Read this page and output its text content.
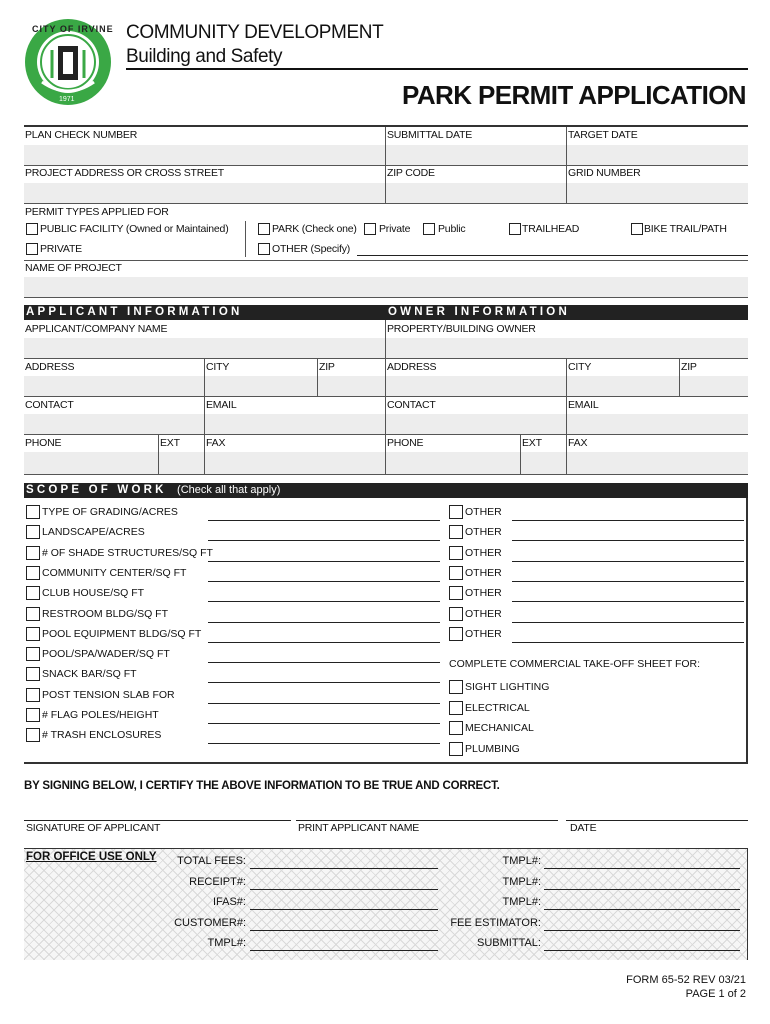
CITY OF IRVINE
1971
COMMUNITY DEVELOPMENT
Building and Safety
PARK PERMIT APPLICATION
PLAN CHECK NUMBER	SUBMITTAL DATE	TARGET DATE
PROJECT ADDRESS OR CROSS STREET	ZIP CODE	GRID NUMBER
PERMIT TYPES APPLIED FOR
PUBLIC FACILITY (Owned or Maintained)	PARK (Check one) Private	Public	TRAILHEAD	BIKE TRAIL/PATH
PRIVATE	OTHER (Specify)
NAME OF PROJECT
APPLICANT INFORMATION	OWNER INFORMATION
APPLICANT/COMPANY NAME
ADDRESS	CITY	ZIP
CONTACT	EMAIL
PHONE	EXT FAX
PROPERTY/BUILDING OWNER
ADDRESS	CITY	ZIP
CONTACT	EMAIL
PHONE	EXT FAX
SCOPE OF WORK (Check all that apply)
TYPE OF GRADING/ACRES
LANDSCAPE/ACRES
# OF SHADE STRUCTURES/SQ FT
COMMUNITY CENTER/SQ FT
CLUB HOUSE/SQ FT
RESTROOM BLDG/SQ FT
POOL EQUIPMENT BLDG/SQ FT
POOL/SPA/WADER/SQ FT
SNACK BAR/SQ FT
POST TENSION SLAB FOR
# FLAG POLES/HEIGHT
# TRASH ENCLOSURES
OTHER
OTHER
OTHER
OTHER
OTHER
OTHER
OTHER
COMPLETE COMMERCIAL TAKE-OFF SHEET FOR:
SIGHT LIGHTING
ELECTRICAL
MECHANICAL
PLUMBING
BY SIGNING BELOW, I CERTIFY THE ABOVE INFORMATION TO BE TRUE AND CORRECT.
SIGNATURE OF APPLICANT	PRINT APPLICANT NAME	DATE
FOR OFFICE USE ONLY TOTAL FEES:
RECEIPT#:
IFAS#:
CUSTOMER#:
TMPL#:
TMPL#:
TMPL#:
TMPL#:
FEE ESTIMATOR:
SUBMITTAL:
FORM 65-52 REV 03/21
PAGE 1 of 2
